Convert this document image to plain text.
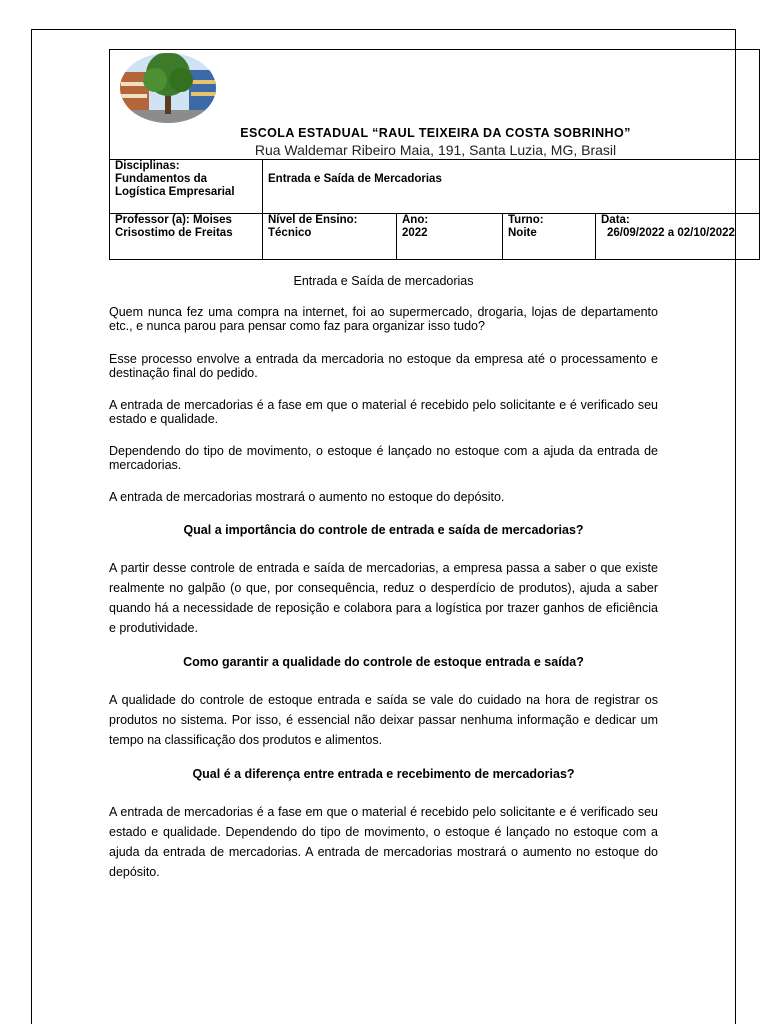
ESCOLA ESTADUAL “RAUL TEIXEIRA DA COSTA SOBRINHO”
Rua Waldemar Ribeiro Maia, 191, Santa Luzia, MG, Brasil
Disciplinas:
Fundamentos da Logística Empresarial
Entrada e Saída de Mercadorias
Professor (a): Moises
Crisostimo de Freitas
Nível de Ensino:
Técnico
Ano:
2022
Turno:
Noite
Data:
26/09/2022 a 02/10/2022
Entrada e Saída de mercadorias
Quem nunca fez uma compra na internet, foi ao supermercado, drogaria, lojas de departamento etc., e nunca parou para pensar como faz para organizar isso tudo?
Esse processo envolve a entrada da mercadoria no estoque da empresa até o processamento e destinação final do pedido.
A entrada de mercadorias é a fase em que o material é recebido pelo solicitante e é verificado seu estado e qualidade.
Dependendo do tipo de movimento, o estoque é lançado no estoque com a ajuda da entrada de mercadorias.
A entrada de mercadorias mostrará o aumento no estoque do depósito.
Qual a importância do controle de entrada e saída de mercadorias?
A partir desse controle de entrada e saída de mercadorias, a empresa passa a saber o que existe realmente no galpão (o que, por consequência, reduz o desperdício de produtos), ajuda a saber quando há a necessidade de reposição e colabora para a logística por trazer ganhos de eficiência e produtividade.
Como garantir a qualidade do controle de estoque entrada e saída?
A qualidade do controle de estoque entrada e saída se vale do cuidado na hora de registrar os produtos no sistema. Por isso, é essencial não deixar passar nenhuma informação e dedicar um tempo na classificação dos produtos e alimentos.
Qual é a diferença entre entrada e recebimento de mercadorias?
A entrada de mercadorias é a fase em que o material é recebido pelo solicitante e é verificado seu estado e qualidade. Dependendo do tipo de movimento, o estoque é lançado no estoque com a ajuda da entrada de mercadorias. A entrada de mercadorias mostrará o aumento no estoque do depósito.
